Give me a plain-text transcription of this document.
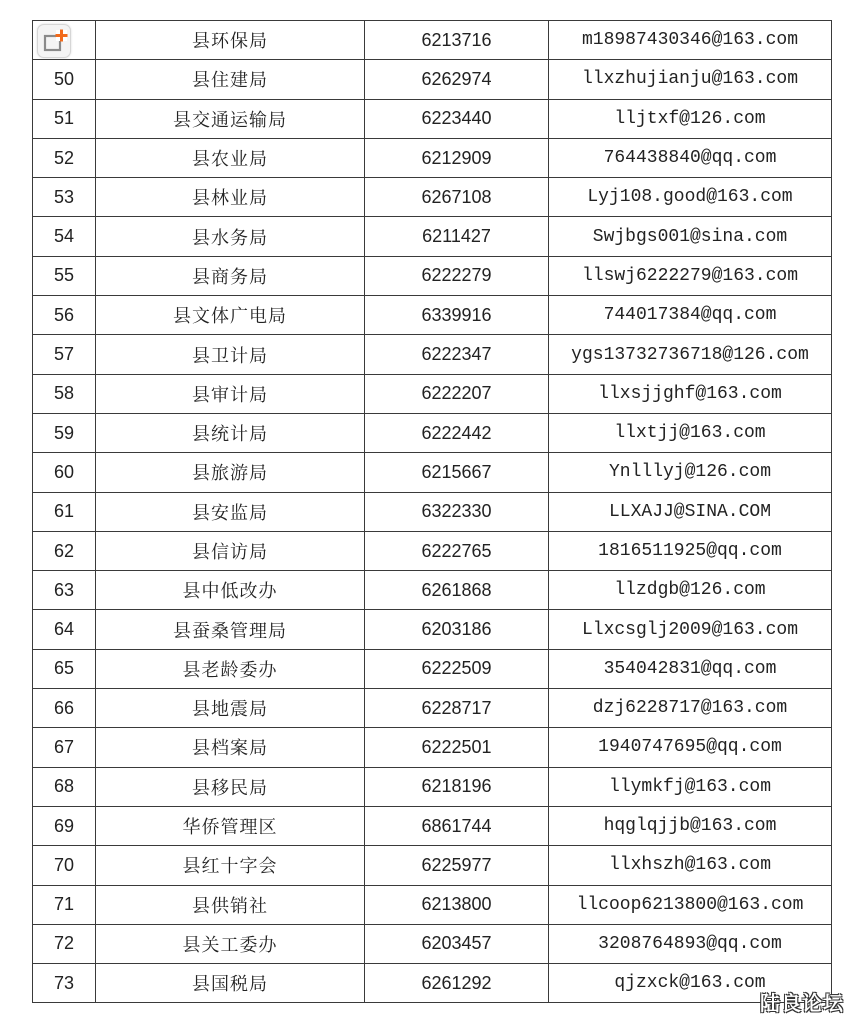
	县环保局	6213716	m18987430346@163.com
50	县住建局	6262974	llxzhujianju@163.com
51	县交通运输局	6223440	lljtxf@126.com
52	县农业局	6212909	764438840@qq.com
53	县林业局	6267108	Lyj108.good@163.com
54	县水务局	6211427	Swjbgs001@sina.com
55	县商务局	6222279	llswj6222279@163.com
56	县文体广电局	6339916	744017384@qq.com
57	县卫计局	6222347	ygs13732736718@126.com
58	县审计局	6222207	llxsjjghf@163.com
59	县统计局	6222442	llxtjj@163.com
60	县旅游局	6215667	Ynlllyj@126.com
61	县安监局	6322330	LLXAJJ@SINA.COM
62	县信访局	6222765	1816511925@qq.com
63	县中低改办	6261868	llzdgb@126.com
64	县蚕桑管理局	6203186	Llxcsglj2009@163.com
65	县老龄委办	6222509	354042831@qq.com
66	县地震局	6228717	dzj6228717@163.com
67	县档案局	6222501	1940747695@qq.com
68	县移民局	6218196	llymkfj@163.com
69	华侨管理区	6861744	hqglqjjb@163.com
70	县红十字会	6225977	llxhszh@163.com
71	县供销社	6213800	llcoop6213800@163.com
72	县关工委办	6203457	3208764893@qq.com
73	县国税局	6261292	qjzxck@163.com
陆良论坛
